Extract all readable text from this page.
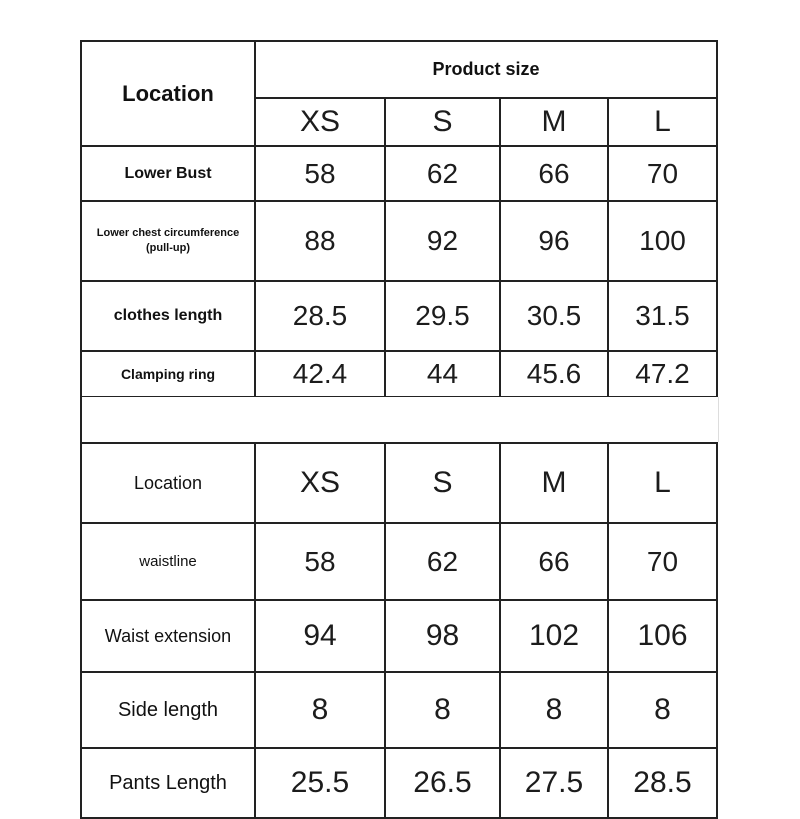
Location	Product size			
	XS	S	M	L
Lower Bust	58	62	66	70

Lower chest circumference (pull-up)	88	92	96	100
clothes length	28.5	29.5	30.5	31.5
Clamping ring	42.4	44	45.6	47.2
Location	XS	S	M	L
waistline	58	62	66	70
Waist extension	94	98	102	106
Side length	8	8	8	8
Pants Length	25.5	26.5	27.5	28.5
